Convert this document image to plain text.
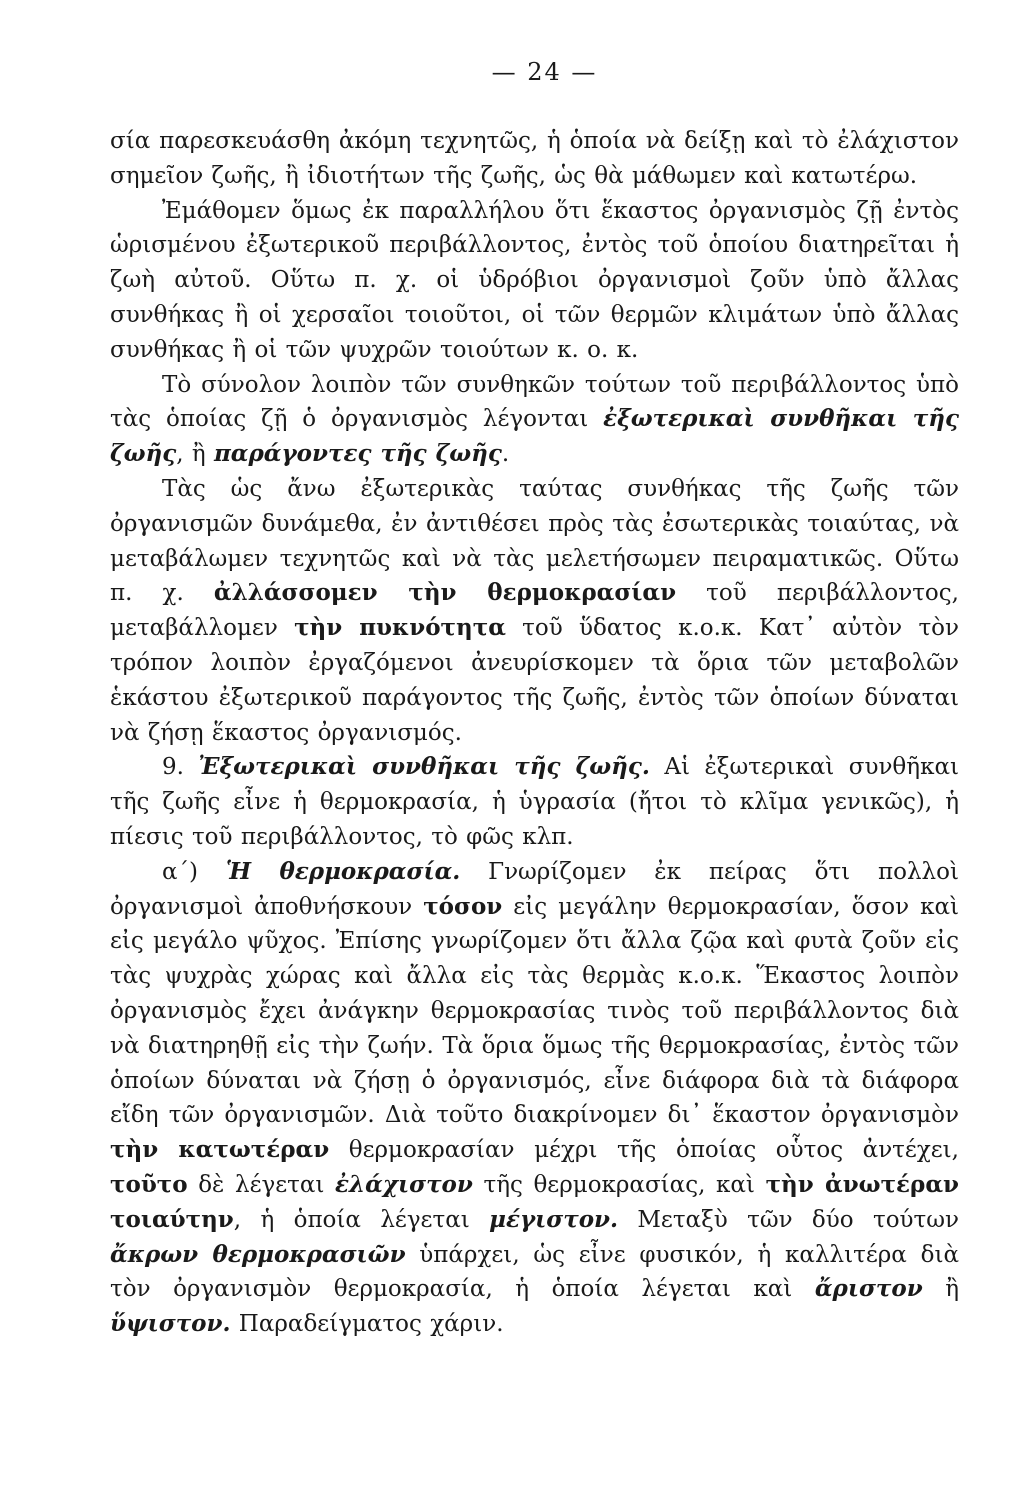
— 24 —

σία παρεσκευάσθη ἀκόμη τεχνητῶς, ἡ ὁποία νὰ δείξῃ καὶ τὸ ἐλάχιστον σημεῖον ζωῆς, ἢ ἰδιοτήτων τῆς ζωῆς, ὡς θὰ μάθωμεν καὶ κατωτέρω.

Ἐμάθομεν ὅμως ἐκ παραλλήλου ὅτι ἕκαστος ὀργανισμὸς ζῇ ἐντὸς ὡρισμένου ἐξωτερικοῦ περιβάλλοντος, ἐντὸς τοῦ ὁποίου διατηρεῖται ἡ ζωὴ αὐτοῦ. Οὕτω π. χ. οἱ ὑδρόβιοι ὀργανισμοὶ ζοῦν ὑπὸ ἄλλας συνθήκας ἢ οἱ χερσαῖοι τοιοῦτοι, οἱ τῶν θερμῶν κλιμάτων ὑπὸ ἄλλας συνθήκας ἢ οἱ τῶν ψυχρῶν τοιούτων κ. ο. κ.

Τὸ σύνολον λοιπὸν τῶν συνθηκῶν τούτων τοῦ περιβάλλοντος ὑπὸ τὰς ὁποίας ζῇ ὁ ὀργανισμὸς λέγονται ἐξωτερικαὶ συνθῆκαι τῆς ζωῆς, ἢ παράγοντες τῆς ζωῆς.

Τὰς ὡς ἄνω ἐξωτερικὰς ταύτας συνθήκας τῆς ζωῆς τῶν ὀργανισμῶν δυνάμεθα, ἐν ἀντιθέσει πρὸς τὰς ἐσωτερικὰς τοιαύτας, νὰ μεταβάλωμεν τεχνητῶς καὶ νὰ τὰς μελετήσωμεν πειραματικῶς. Οὕτω π. χ. ἀλλάσσομεν τὴν θερμοκρασίαν τοῦ περιβάλλοντος, μεταβάλλομεν τὴν πυκνότητα τοῦ ὕδατος κ.ο.κ. Κατ᾽ αὐτὸν τὸν τρόπον λοιπὸν ἐργαζόμενοι ἀνευρίσκομεν τὰ ὅρια τῶν μεταβολῶν ἑκάστου ἐξωτερικοῦ παράγοντος τῆς ζωῆς, ἐντὸς τῶν ὁποίων δύναται νὰ ζήσῃ ἕκαστος ὀργανισμός.

9. Ἐξωτερικαὶ συνθῆκαι τῆς ζωῆς. Αἱ ἐξωτερικαὶ συνθῆκαι τῆς ζωῆς εἶνε ἡ θερμοκρασία, ἡ ὑγρασία (ἤτοι τὸ κλῖμα γενικῶς), ἡ πίεσις τοῦ περιβάλλοντος, τὸ φῶς κλπ.

α΄) Ἡ θερμοκρασία. Γνωρίζομεν ἐκ πείρας ὅτι πολλοὶ ὀργανισμοὶ ἀποθνήσκουν τόσον εἰς μεγάλην θερμοκρασίαν, ὅσον καὶ εἰς μεγάλο ψῦχος. Ἐπίσης γνωρίζομεν ὅτι ἄλλα ζῷα καὶ φυτὰ ζοῦν εἰς τὰς ψυχρὰς χώρας καὶ ἄλλα εἰς τὰς θερμὰς κ.ο.κ. Ἕκαστος λοιπὸν ὀργανισμὸς ἔχει ἀνάγκην θερμοκρασίας τινὸς τοῦ περιβάλλοντος διὰ νὰ διατηρηθῇ εἰς τὴν ζωήν. Τὰ ὅρια ὅμως τῆς θερμοκρασίας, ἐντὸς τῶν ὁποίων δύναται νὰ ζήσῃ ὁ ὀργανισμός, εἶνε διάφορα διὰ τὰ διάφορα εἴδη τῶν ὀργανισμῶν. Διὰ τοῦτο διακρίνομεν δι᾽ ἕκαστον ὀργανισμὸν τὴν κατωτέραν θερμοκρασίαν μέχρι τῆς ὁποίας οὗτος ἀντέχει, τοῦτο δὲ λέγεται ἐλάχιστον τῆς θερμοκρασίας, καὶ τὴν ἀνωτέραν τοιαύτην, ἡ ὁποία λέγεται μέγιστον. Μεταξὺ τῶν δύο τούτων ἄκρων θερμοκρασιῶν ὑπάρχει, ὡς εἶνε φυσικόν, ἡ καλλιτέρα διὰ τὸν ὀργανισμὸν θερμοκρασία, ἡ ὁποία λέγεται καὶ ἄριστον ἢ ὕψιστον. Παραδείγματος χάριν.
